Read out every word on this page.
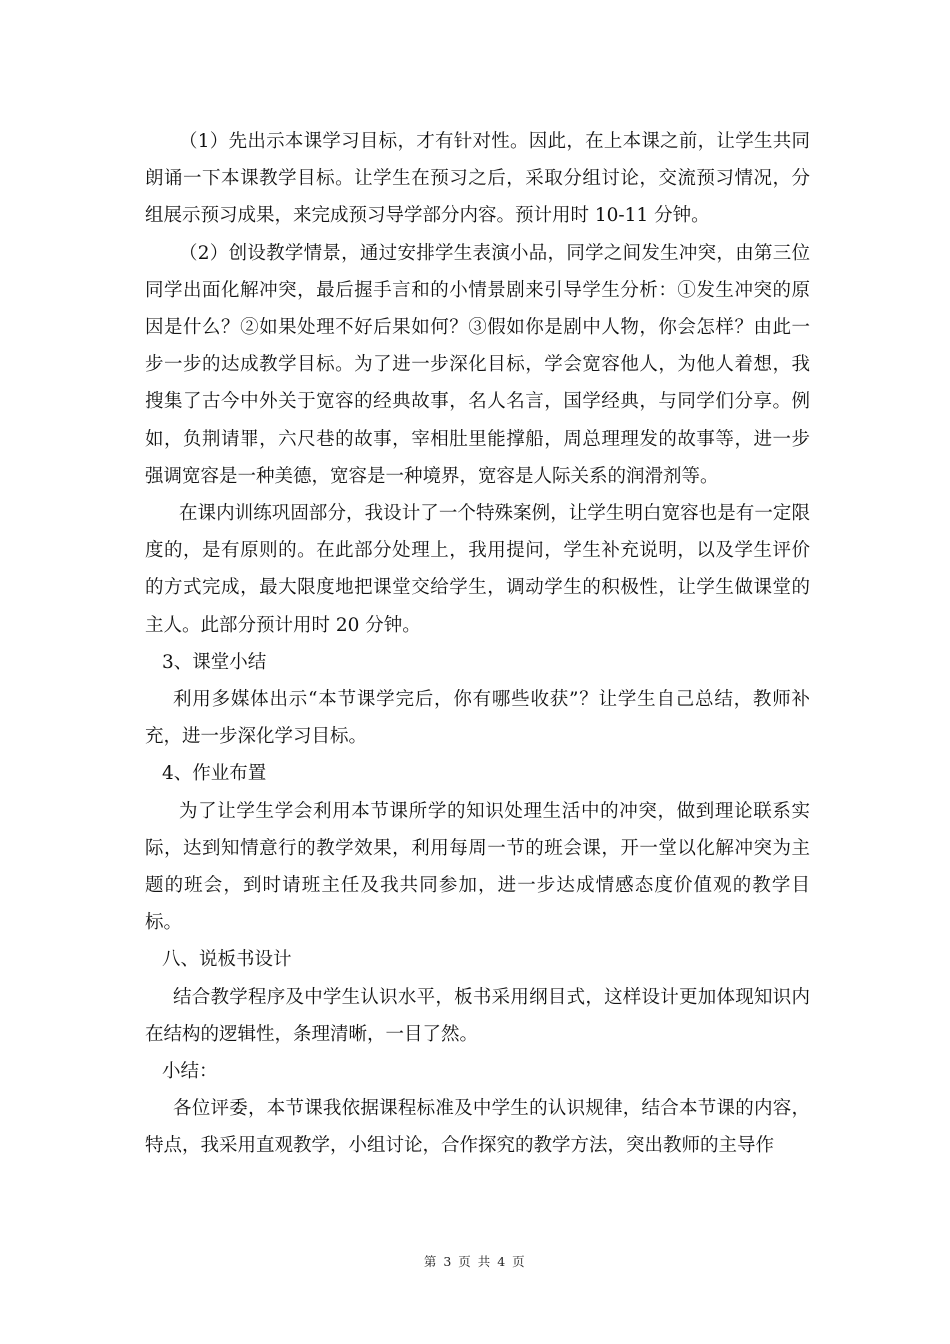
（1）先出示本课学习目标，才有针对性。因此，在上本课之前，让学生共同朗诵一下本课教学目标。让学生在预习之后，采取分组讨论，交流预习情况，分组展示预习成果，来完成预习导学部分内容。预计用时 10-11 分钟。

（2）创设教学情景，通过安排学生表演小品，同学之间发生冲突，由第三位同学出面化解冲突，最后握手言和的小情景剧来引导学生分析：①发生冲突的原因是什么？②如果处理不好后果如何？③假如你是剧中人物，你会怎样？由此一步一步的达成教学目标。为了进一步深化目标，学会宽容他人，为他人着想，我搜集了古今中外关于宽容的经典故事，名人名言，国学经典，与同学们分享。例如，负荆请罪，六尺巷的故事，宰相肚里能撑船，周总理理发的故事等，进一步强调宽容是一种美德，宽容是一种境界，宽容是人际关系的润滑剂等。

在课内训练巩固部分，我设计了一个特殊案例，让学生明白宽容也是有一定限度的，是有原则的。在此部分处理上，我用提问，学生补充说明，以及学生评价的方式完成，最大限度地把课堂交给学生，调动学生的积极性，让学生做课堂的主人。此部分预计用时 20 分钟。

3、课堂小结

利用多媒体出示“本节课学完后，你有哪些收获”？让学生自己总结，教师补充，进一步深化学习目标。

4、作业布置

为了让学生学会利用本节课所学的知识处理生活中的冲突，做到理论联系实际，达到知情意行的教学效果，利用每周一节的班会课，开一堂以化解冲突为主题的班会，到时请班主任及我共同参加，进一步达成情感态度价值观的教学目标。

八、说板书设计

结合教学程序及中学生认识水平，板书采用纲目式，这样设计更加体现知识内在结构的逻辑性，条理清晰，一目了然。

小结：

各位评委，本节课我依据课程标准及中学生的认识规律，结合本节课的内容，特点，我采用直观教学，小组讨论，合作探究的教学方法，突出教师的主导作

第 3 页 共 4 页
